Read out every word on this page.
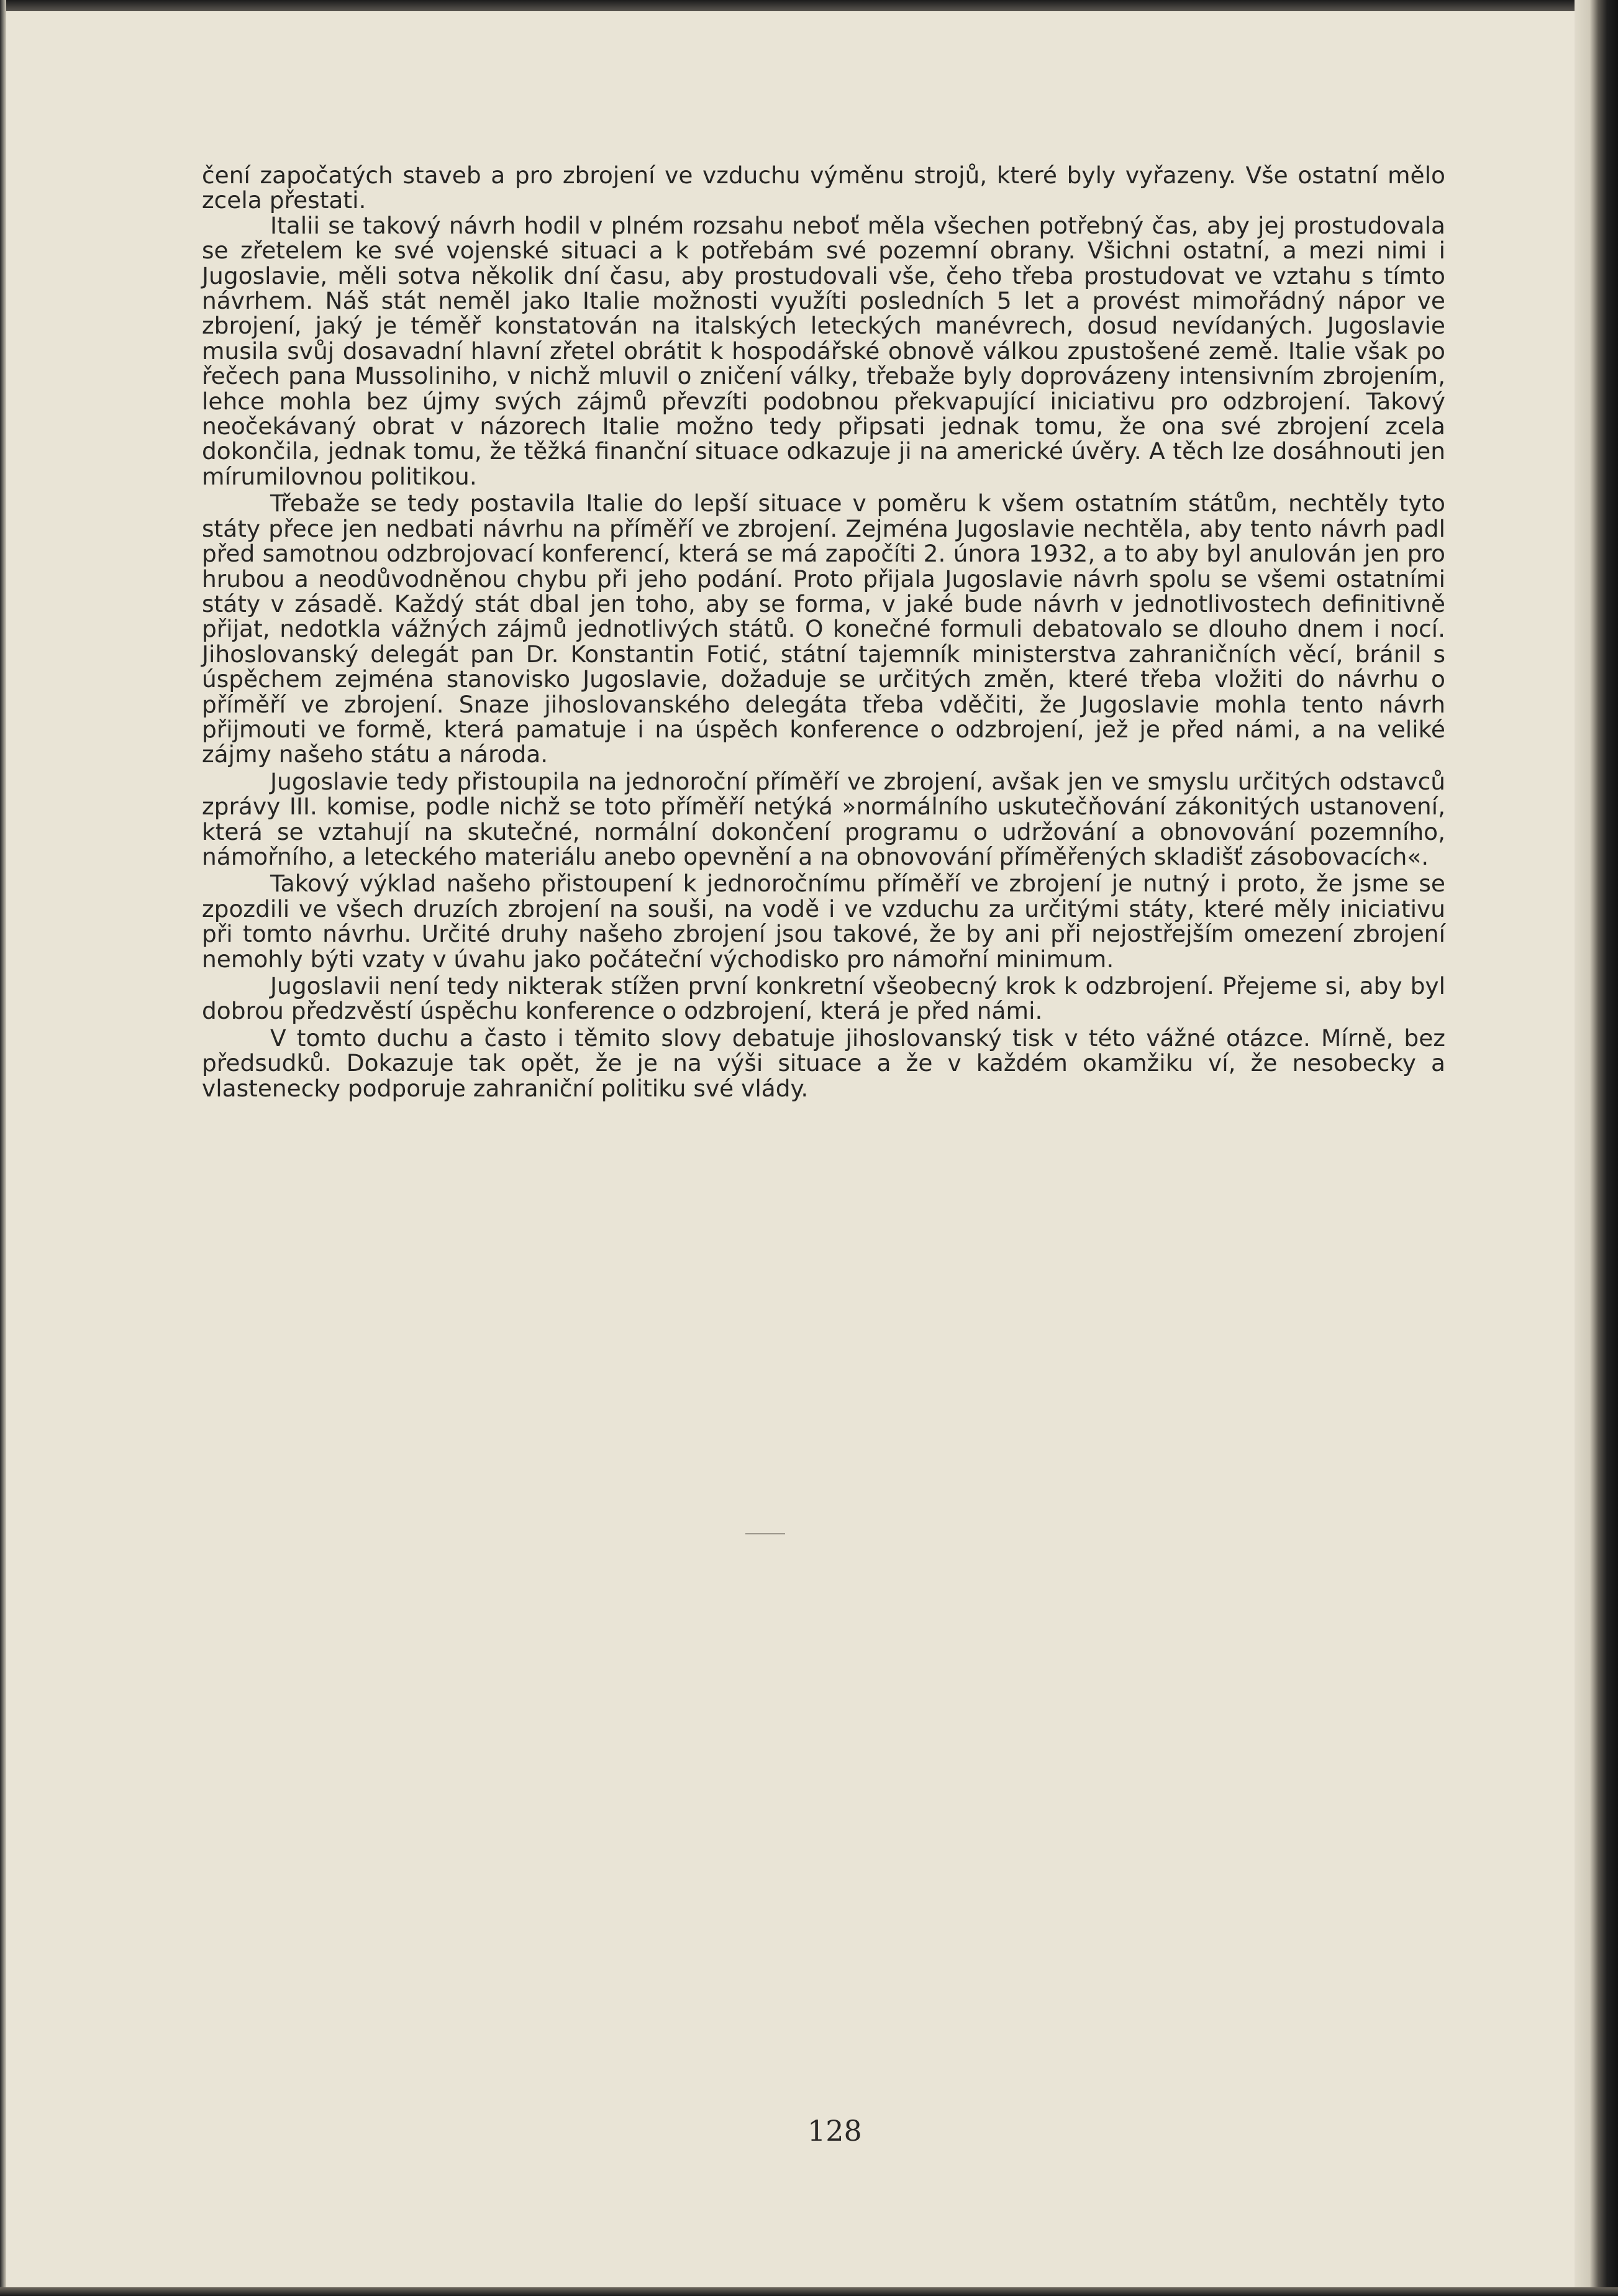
čení započatých staveb a pro zbrojení ve vzduchu výměnu strojů, které byly vyřazeny. Vše ostatní mělo zcela přestati.

Italii se takový návrh hodil v plném rozsahu neboť měla všechen potřebný čas, aby jej prostudovala se zřetelem ke své vojenské situaci a k potřebám své pozemní obrany. Všichni ostatní, a mezi nimi i Jugoslavie, měli sotva několik dní času, aby prostudovali vše, čeho třeba prostudovat ve vztahu s tímto návrhem. Náš stát neměl jako Italie možnosti využíti posledních 5 let a provést mimořádný nápor ve zbrojení, jaký je téměř konstatován na italských leteckých manévrech, dosud nevídaných. Jugoslavie musila svůj dosavadní hlavní zřetel obrátit k hospodářské obnově válkou zpustošené země. Italie však po řečech pana Mussoliniho, v nichž mluvil o zničení války, třebaže byly doprovázeny intensivním zbrojením, lehce mohla bez újmy svých zájmů převzíti podobnou překvapující iniciativu pro odzbrojení. Takový neočekávaný obrat v názorech Italie možno tedy připsati jednak tomu, že ona své zbrojení zcela dokončila, jednak tomu, že těžká finanční situace odkazuje ji na americké úvěry. A těch lze dosáhnouti jen mírumilovnou politikou.

Třebaže se tedy postavila Italie do lepší situace v poměru k všem ostatním státům, nechtěly tyto státy přece jen nedbati návrhu na příměří ve zbrojení. Zejména Jugoslavie nechtěla, aby tento návrh padl před samotnou odzbrojovací konferencí, která se má započíti 2. února 1932, a to aby byl anulován jen pro hrubou a neodůvodněnou chybu při jeho podání. Proto přijala Jugoslavie návrh spolu se všemi ostatními státy v zásadě. Každý stát dbal jen toho, aby se forma, v jaké bude návrh v jednotlivostech definitivně přijat, nedotkla vážných zájmů jednotlivých států. O konečné formuli debatovalo se dlouho dnem i nocí. Jihoslovanský delegát pan Dr. Konstantin Fotić, státní tajemník ministerstva zahraničních věcí, bránil s úspěchem zejména stanovisko Jugoslavie, dožaduje se určitých změn, které třeba vložiti do návrhu o příměří ve zbrojení. Snaze jihoslovanského delegáta třeba vděčiti, že Jugoslavie mohla tento návrh přijmouti ve formě, která pamatuje i na úspěch konference o odzbrojení, jež je před námi, a na veliké zájmy našeho státu a národa.

Jugoslavie tedy přistoupila na jednoroční příměří ve zbrojení, avšak jen ve smyslu určitých odstavců zprávy III. komise, podle nichž se toto příměří netýká »normálního uskutečňování zákonitých ustanovení, která se vztahují na skutečné, normální dokončení programu o udržování a obnovování pozemního, námořního, a leteckého materiálu anebo opevnění a na obnovování příměřených skladišť zásobovacích«.

Takový výklad našeho přistoupení k jednoročnímu příměří ve zbrojení je nutný i proto, že jsme se zpozdili ve všech druzích zbrojení na souši, na vodě i ve vzduchu za určitými státy, které měly iniciativu při tomto návrhu. Určité druhy našeho zbrojení jsou takové, že by ani při nejostřejším omezení zbrojení nemohly býti vzaty v úvahu jako počáteční východisko pro námořní minimum.

Jugoslavii není tedy nikterak stížen první konkretní všeobecný krok k odzbrojení. Přejeme si, aby byl dobrou předzvěstí úspěchu konference o odzbrojení, která je před námi.

V tomto duchu a často i těmito slovy debatuje jihoslovanský tisk v této vážné otázce. Mírně, bez předsudků. Dokazuje tak opět, že je na výši situace a že v každém okamžiku ví, že nesobecky a vlastenecky podporuje zahraniční politiku své vlády.

128
